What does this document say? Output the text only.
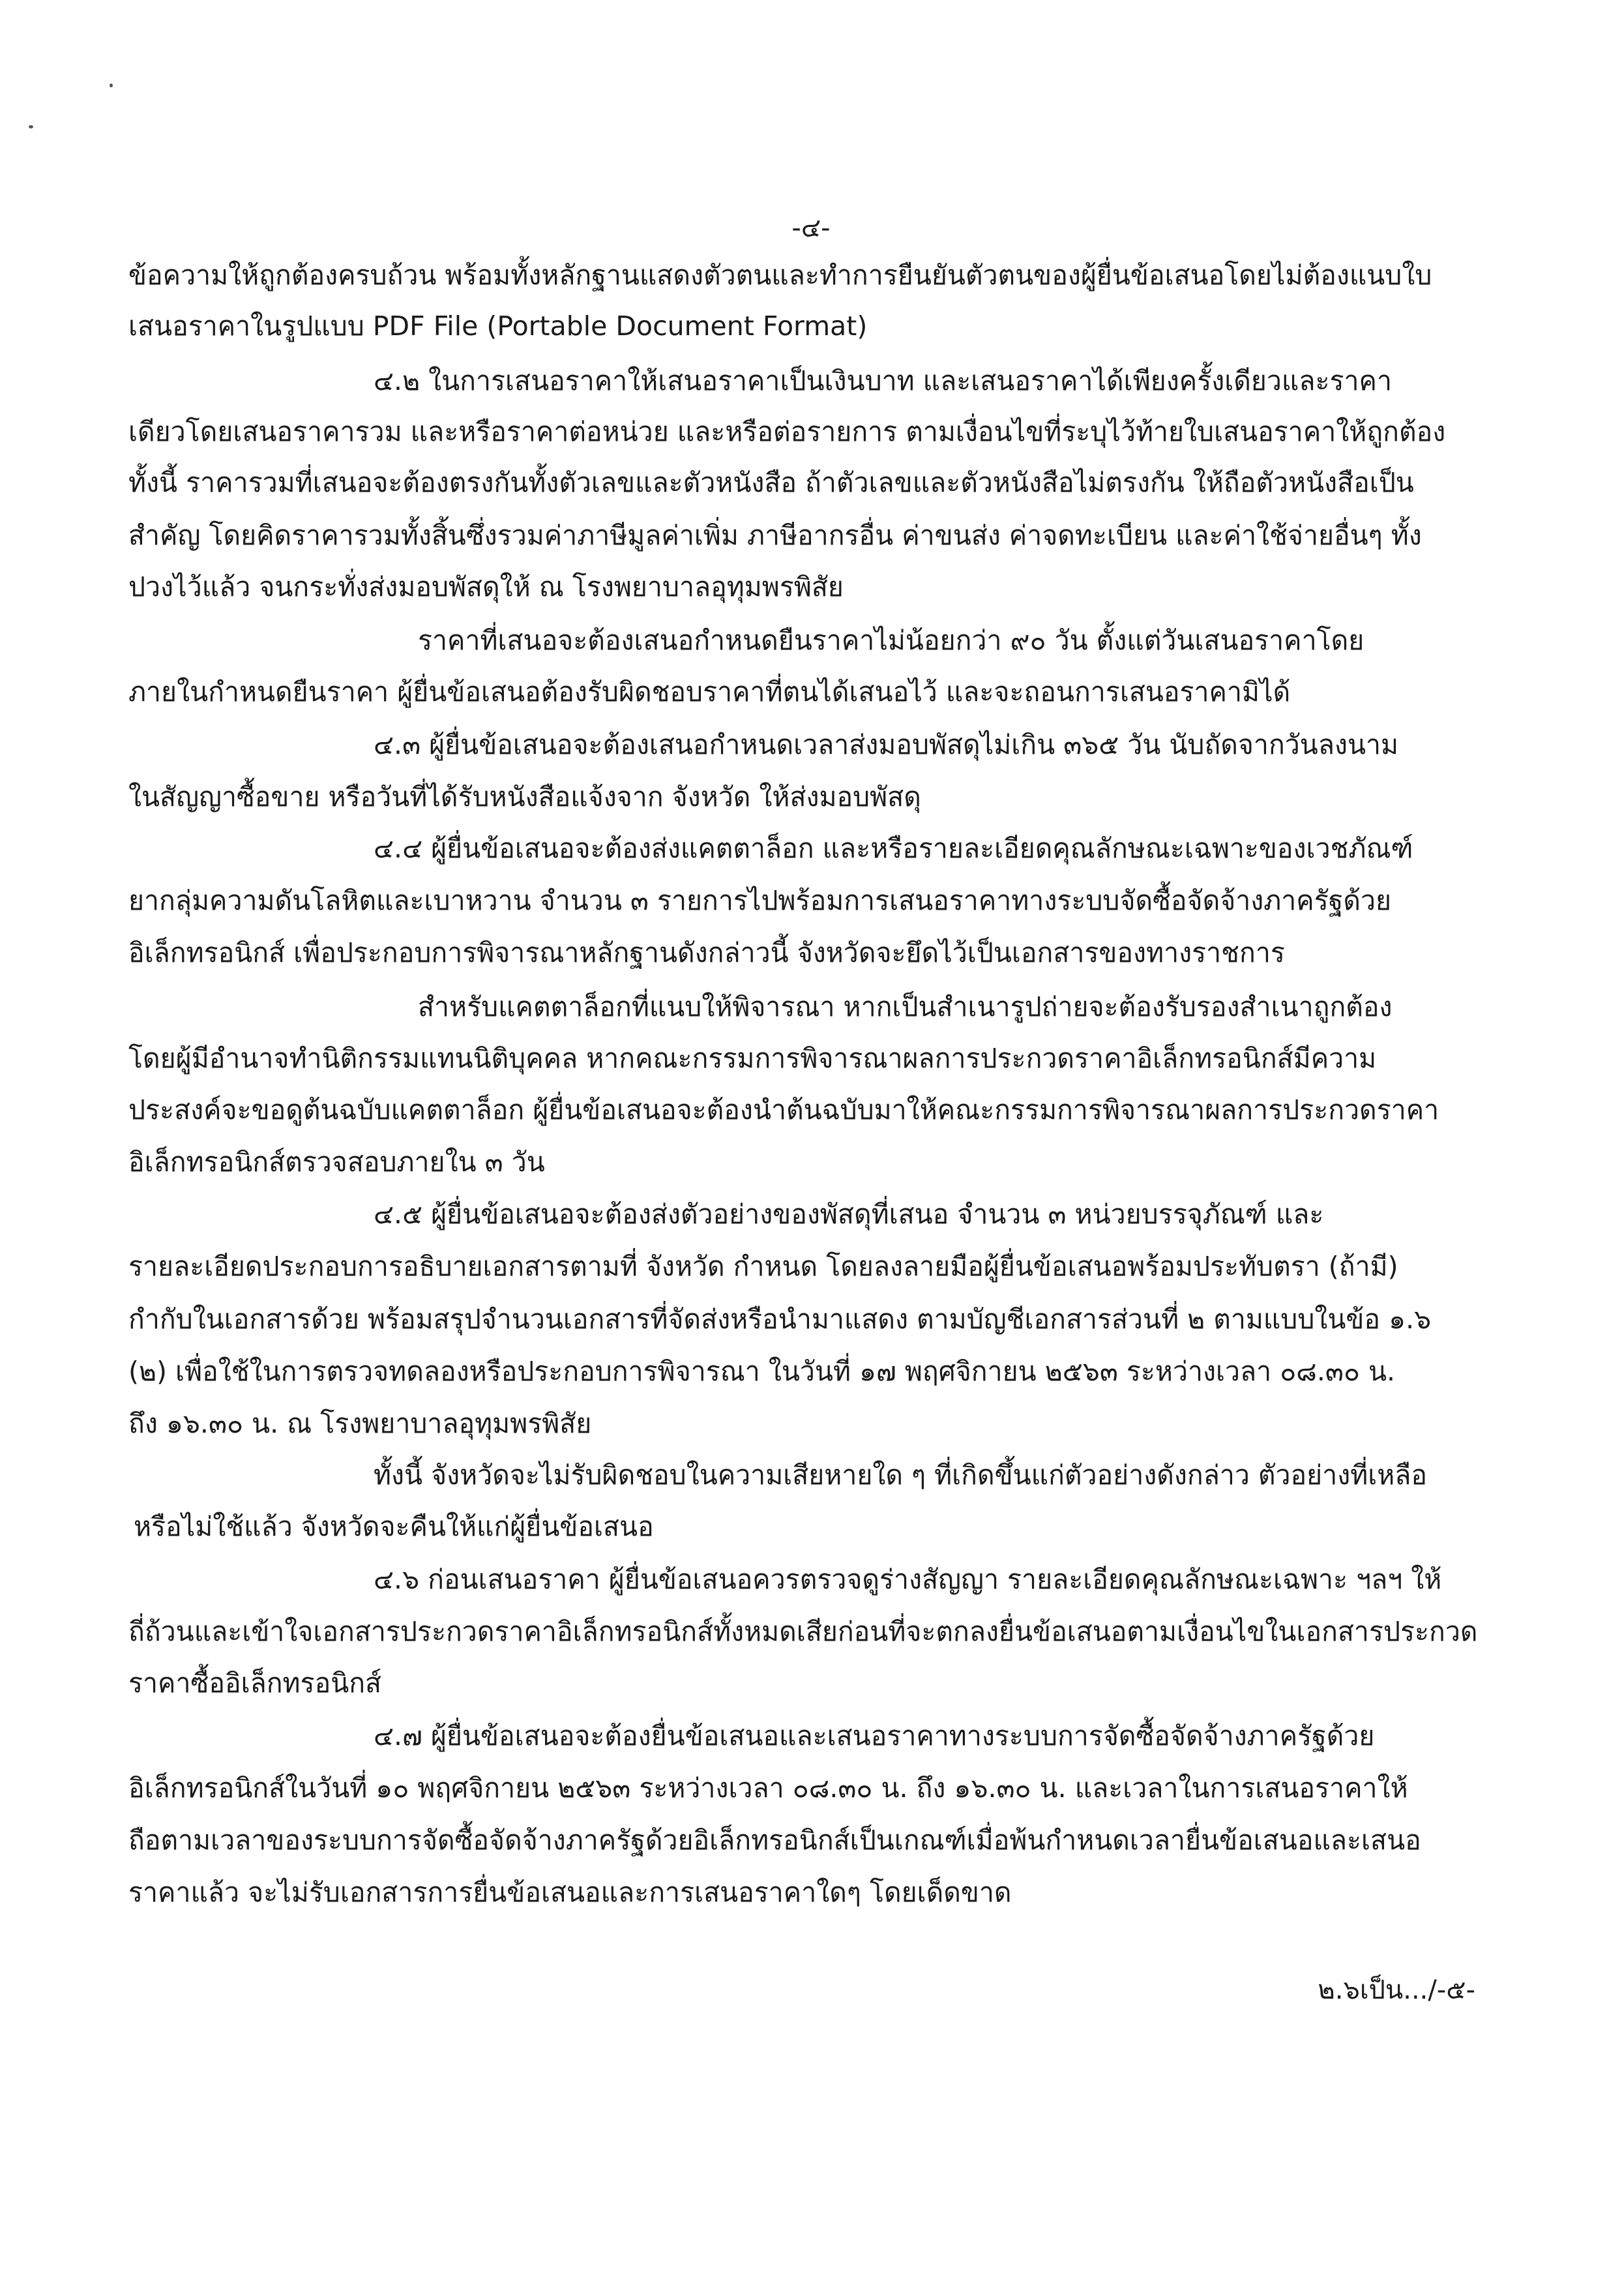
-๔-
ข้อความให้ถูกต้องครบถ้วน พร้อมทั้งหลักฐานแสดงตัวตนและทำการยืนยันตัวตนของผู้ยื่นข้อเสนอโดยไม่ต้องแนบใบ
เสนอราคาในรูปแบบ PDF File (Portable Document Format)
๔.๒ ในการเสนอราคาให้เสนอราคาเป็นเงินบาท และเสนอราคาได้เพียงครั้งเดียวและราคา
เดียวโดยเสนอราคารวม และหรือราคาต่อหน่วย และหรือต่อรายการ ตามเงื่อนไขที่ระบุไว้ท้ายใบเสนอราคาให้ถูกต้อง
ทั้งนี้ ราคารวมที่เสนอจะต้องตรงกันทั้งตัวเลขและตัวหนังสือ ถ้าตัวเลขและตัวหนังสือไม่ตรงกัน ให้ถือตัวหนังสือเป็น
สำคัญ โดยคิดราคารวมทั้งสิ้นซึ่งรวมค่าภาษีมูลค่าเพิ่ม ภาษีอากรอื่น ค่าขนส่ง ค่าจดทะเบียน และค่าใช้จ่ายอื่นๆ ทั้ง
ปวงไว้แล้ว จนกระทั่งส่งมอบพัสดุให้ ณ โรงพยาบาลอุทุมพรพิสัย
ราคาที่เสนอจะต้องเสนอกำหนดยืนราคาไม่น้อยกว่า ๙๐ วัน ตั้งแต่วันเสนอราคาโดย
ภายในกำหนดยืนราคา ผู้ยื่นข้อเสนอต้องรับผิดชอบราคาที่ตนได้เสนอไว้ และจะถอนการเสนอราคามิได้
๔.๓ ผู้ยื่นข้อเสนอจะต้องเสนอกำหนดเวลาส่งมอบพัสดุไม่เกิน ๓๖๕ วัน นับถัดจากวันลงนาม
ในสัญญาซื้อขาย หรือวันที่ได้รับหนังสือแจ้งจาก จังหวัด ให้ส่งมอบพัสดุ
๔.๔ ผู้ยื่นข้อเสนอจะต้องส่งแคตตาล็อก และหรือรายละเอียดคุณลักษณะเฉพาะของเวชภัณฑ์
ยากลุ่มความดันโลหิตและเบาหวาน จำนวน ๓ รายการไปพร้อมการเสนอราคาทางระบบจัดซื้อจัดจ้างภาครัฐด้วย
อิเล็กทรอนิกส์ เพื่อประกอบการพิจารณาหลักฐานดังกล่าวนี้ จังหวัดจะยึดไว้เป็นเอกสารของทางราชการ
สำหรับแคตตาล็อกที่แนบให้พิจารณา หากเป็นสำเนารูปถ่ายจะต้องรับรองสำเนาถูกต้อง
โดยผู้มีอำนาจทำนิติกรรมแทนนิติบุคคล หากคณะกรรมการพิจารณาผลการประกวดราคาอิเล็กทรอนิกส์มีความ
ประสงค์จะขอดูต้นฉบับแคตตาล็อก ผู้ยื่นข้อเสนอจะต้องนำต้นฉบับมาให้คณะกรรมการพิจารณาผลการประกวดราคา
อิเล็กทรอนิกส์ตรวจสอบภายใน ๓ วัน
๔.๕ ผู้ยื่นข้อเสนอจะต้องส่งตัวอย่างของพัสดุที่เสนอ จำนวน ๓ หน่วยบรรจุภัณฑ์ และ
รายละเอียดประกอบการอธิบายเอกสารตามที่ จังหวัด กำหนด โดยลงลายมือผู้ยื่นข้อเสนอพร้อมประทับตรา (ถ้ามี)
กำกับในเอกสารด้วย พร้อมสรุปจำนวนเอกสารที่จัดส่งหรือนำมาแสดง ตามบัญชีเอกสารส่วนที่ ๒ ตามแบบในข้อ ๑.๖
(๒) เพื่อใช้ในการตรวจทดลองหรือประกอบการพิจารณา ในวันที่ ๑๗ พฤศจิกายน ๒๕๖๓ ระหว่างเวลา ๐๘.๓๐ น.
ถึง ๑๖.๓๐ น. ณ โรงพยาบาลอุทุมพรพิสัย
ทั้งนี้ จังหวัดจะไม่รับผิดชอบในความเสียหายใด ๆ ที่เกิดขึ้นแก่ตัวอย่างดังกล่าว ตัวอย่างที่เหลือ
หรือไม่ใช้แล้ว จังหวัดจะคืนให้แก่ผู้ยื่นข้อเสนอ
๔.๖ ก่อนเสนอราคา ผู้ยื่นข้อเสนอควรตรวจดูร่างสัญญา รายละเอียดคุณลักษณะเฉพาะ ฯลฯ ให้
ถี่ถ้วนและเข้าใจเอกสารประกวดราคาอิเล็กทรอนิกส์ทั้งหมดเสียก่อนที่จะตกลงยื่นข้อเสนอตามเงื่อนไขในเอกสารประกวด
ราคาซื้ออิเล็กทรอนิกส์
๔.๗ ผู้ยื่นข้อเสนอจะต้องยื่นข้อเสนอและเสนอราคาทางระบบการจัดซื้อจัดจ้างภาครัฐด้วย
อิเล็กทรอนิกส์ในวันที่ ๑๐ พฤศจิกายน ๒๕๖๓ ระหว่างเวลา ๐๘.๓๐ น. ถึง ๑๖.๓๐ น. และเวลาในการเสนอราคาให้
ถือตามเวลาของระบบการจัดซื้อจัดจ้างภาครัฐด้วยอิเล็กทรอนิกส์เป็นเกณฑ์เมื่อพ้นกำหนดเวลายื่นข้อเสนอและเสนอ
ราคาแล้ว จะไม่รับเอกสารการยื่นข้อเสนอและการเสนอราคาใดๆ โดยเด็ดขาด
๒.๖เป็น.../-๕-
